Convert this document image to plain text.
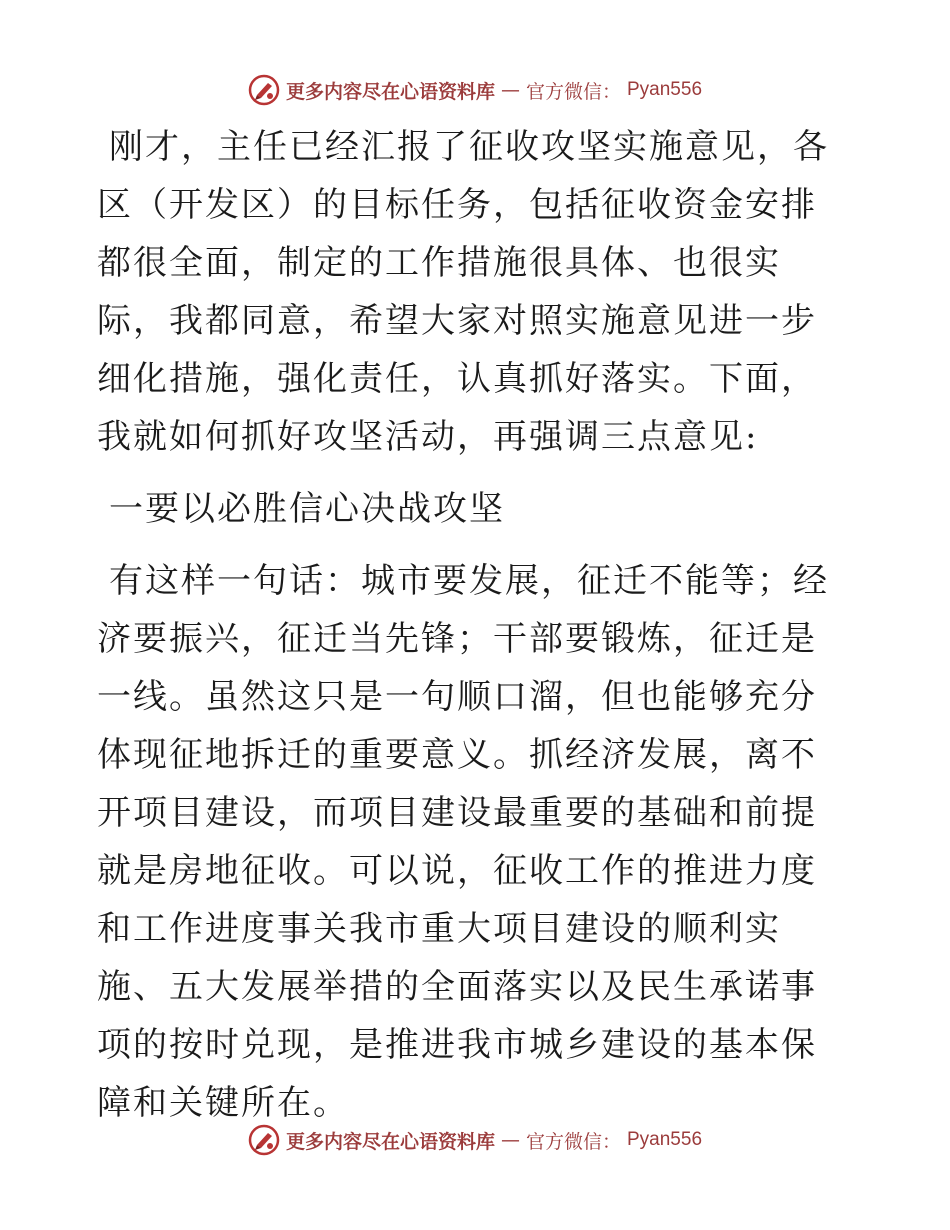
更多内容尽在心语资料库 — 官方微信： Pyan556

刚才，主任已经汇报了征收攻坚实施意见，各区（开发区）的目标任务，包括征收资金安排都很全面，制定的工作措施很具体、也很实际，我都同意，希望大家对照实施意见进一步细化措施，强化责任，认真抓好落实。下面，我就如何抓好攻坚活动，再强调三点意见:

一要以必胜信心决战攻坚

有这样一句话：城市要发展，征迁不能等；经济要振兴，征迁当先锋；干部要锻炼，征迁是一线。虽然这只是一句顺口溜，但也能够充分体现征地拆迁的重要意义。抓经济发展，离不开项目建设，而项目建设最重要的基础和前提就是房地征收。可以说，征收工作的推进力度和工作进度事关我市重大项目建设的顺利实施、五大发展举措的全面落实以及民生承诺事项的按时兑现，是推进我市城乡建设的基本保障和关键所在。

更多内容尽在心语资料库 — 官方微信： Pyan556
